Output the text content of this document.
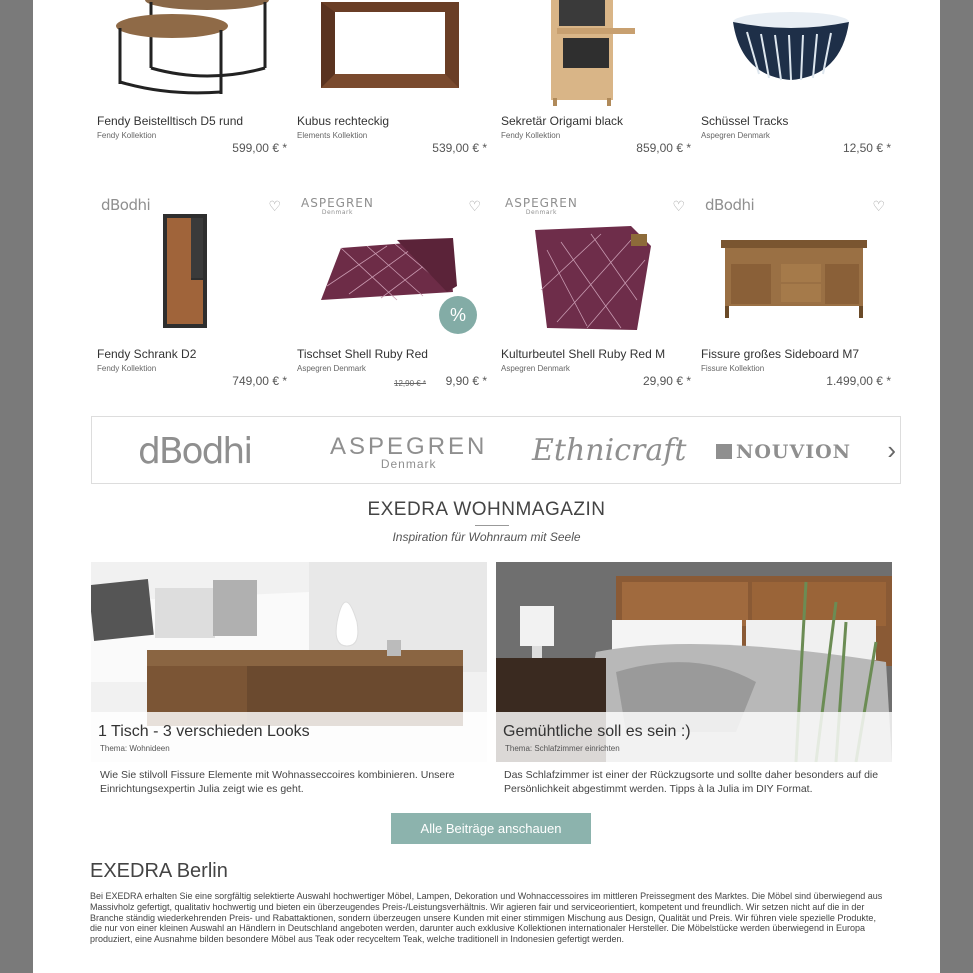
Fendy Beistelltisch D5 rund
Fendy Kollektion
599,00 € *
Kubus rechteckig
Elements Kollektion
539,00 € *
Sekretär Origami black
Fendy Kollektion
859,00 € *
Schüssel Tracks
Aspegren Denmark
12,50 € *
dBodhi	♡
Fendy Schrank D2
Fendy Kollektion
749,00 € *
ASPEGREN
Denmark	♡
%
Tischset Shell Ruby Red
Aspegren Denmark
12,90 € * 9,90 € *
ASPEGREN
Denmark	♡
Kulturbeutel Shell Ruby Red M
Aspegren Denmark
29,90 € *
dBodhi	♡
Fissure großes Sideboard M7
Fissure Kollektion
1.499,00 € *
dBodhi	ASPEGREN
Denmark	Ethnicraft	NOUVION ›
EXEDRA WOHNMAGAZIN
Inspiration für Wohnraum mit Seele
1 Tisch - 3 verschieden Looks
Thema: Wohnideen
Wie Sie stilvoll Fissure Elemente mit Wohnasseccoires kombinieren. Unsere Einrichtungsexpertin Julia zeigt wie es geht.
Gemühtliche soll es sein :)
Thema: Schlafzimmer einrichten
Das Schlafzimmer ist einer der Rückzugsorte und sollte daher besonders auf die Persönlichkeit abgestimmt werden. Tipps à la Julia im DIY Format.
Alle Beiträge anschauen
EXEDRA Berlin
Bei EXEDRA erhalten Sie eine sorgfältig selektierte Auswahl hochwertiger Möbel, Lampen, Dekoration und Wohnaccessoires im mittleren Preissegment des Marktes. Die Möbel sind überwiegend aus Massivholz gefertigt, qualitativ hochwertig und bieten ein überzeugendes Preis-/Leistungsverhältnis. Wir agieren fair und serviceorientiert, kompetent und freundlich. Wir setzen nicht auf die in der Branche ständig wiederkehrenden Preis- und Rabattaktionen, sondern überzeugen unsere Kunden mit einer stimmigen Mischung aus Design, Qualität und Preis. Wir führen viele spezielle Produkte, die nur von einer kleinen Auswahl an Händlern in Deutschland angeboten werden, darunter auch exklusive Kollektionen internationaler Hersteller. Die Möbelstücke werden überwiegend in Europa produziert, eine Ausnahme bilden besondere Möbel aus Teak oder recyceltem Teak, welche traditionell in Indonesien gefertigt werden.
